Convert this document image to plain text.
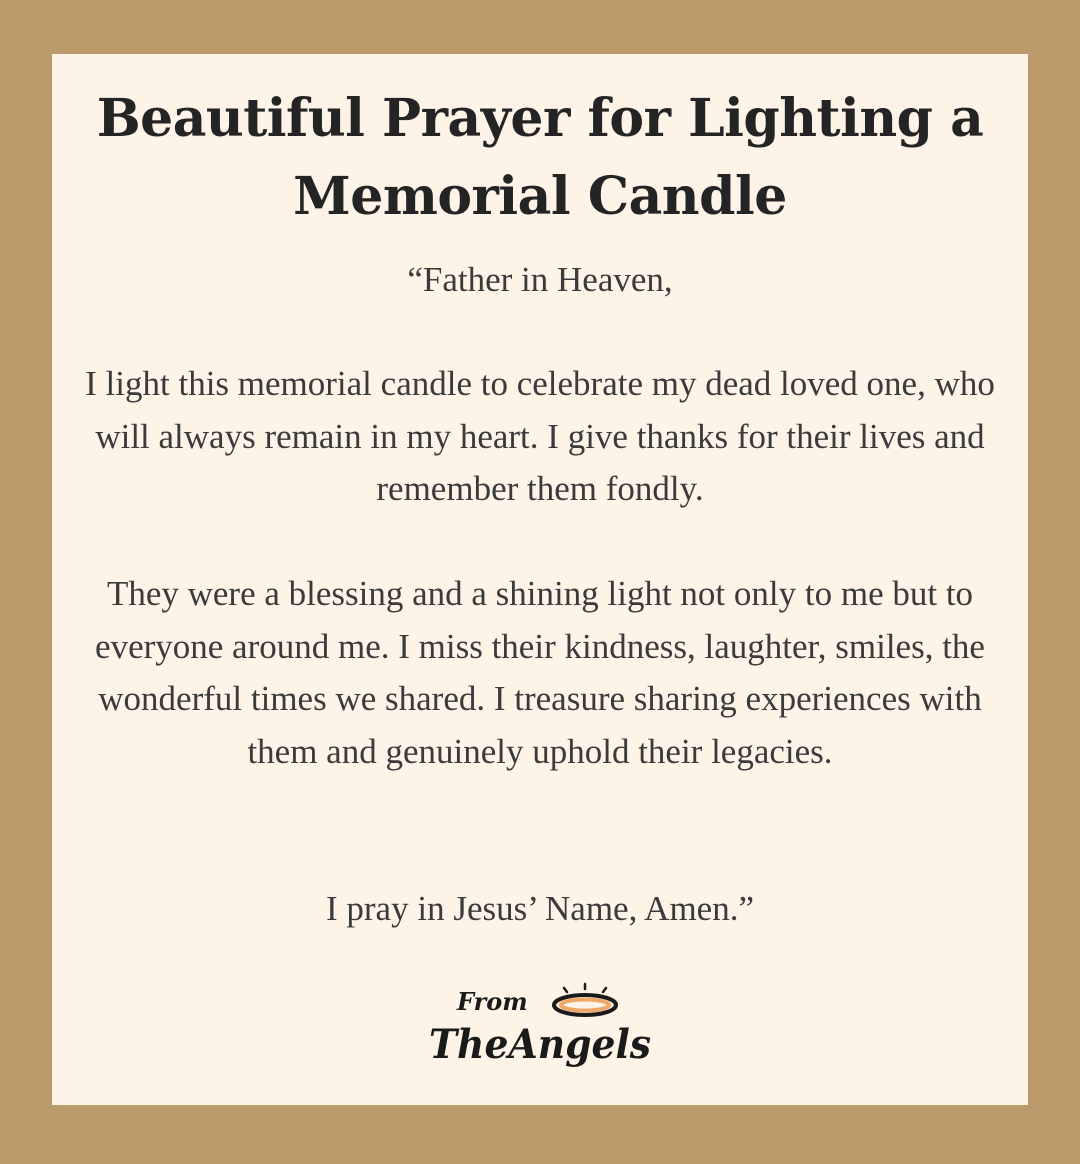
Beautiful Prayer for Lighting a Memorial Candle

“Father in Heaven,

I light this memorial candle to celebrate my dead loved one, who will always remain in my heart. I give thanks for their lives and remember them fondly.

They were a blessing and a shining light not only to me but to everyone around me. I miss their kindness, laughter, smiles, the wonderful times we shared. I treasure sharing experiences with them and genuinely uphold their legacies.

I pray in Jesus’ Name, Amen.”

From
TheAngels
